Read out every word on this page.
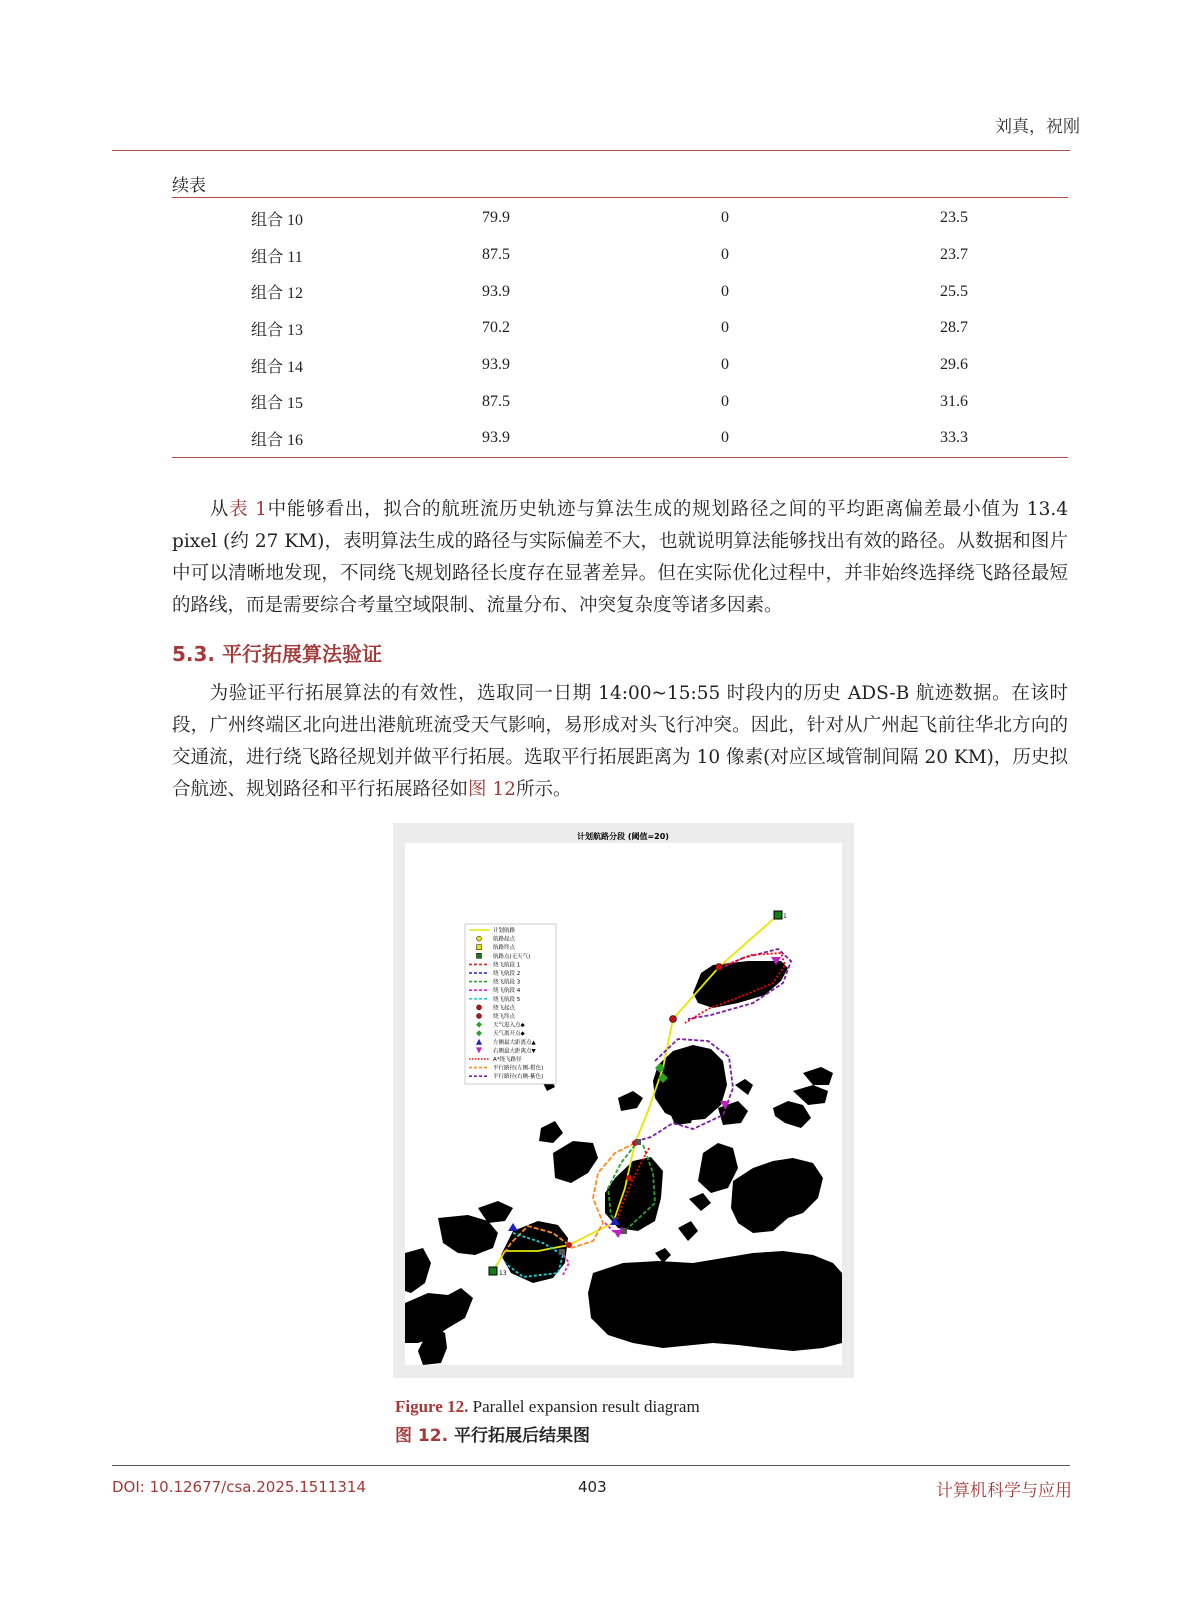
刘真，祝刚
续表
组合 10	79.9	0	23.5
组合 11	87.5	0	23.7
组合 12	93.9	0	25.5
组合 13	70.2	0	28.7
组合 14	93.9	0	29.6
组合 15	87.5	0	31.6
组合 16	93.9	0	33.3
  从表 1中能够看出，拟合的航班流历史轨迹与算法生成的规划路径之间的平均距离偏差最小值为 13.4 pixel (约 27 KM)，表明算法生成的路径与实际偏差不大，也就说明算法能够找出有效的路径。从数据和图片中可以清晰地发现，不同绕飞规划路径长度存在显著差异。但在实际优化过程中，并非始终选择绕飞路径最短的路线，而是需要综合考量空域限制、流量分布、冲突复杂度等诸多因素。
5.3. 平行拓展算法验证
  为验证平行拓展算法的有效性，选取同一日期 14:00~15:55 时段内的历史 ADS-B 航迹数据。在该时段，广州终端区北向进出港航班流受天气影响，易形成对头飞行冲突。因此，针对从广州起飞前往华北方向的交通流，进行绕飞路径规划并做平行拓展。选取平行拓展距离为 10 像素(对应区域管制间隔 20 KM)，历史拟合航迹、规划路径和平行拓展路径如图 12所示。
计划航路分段 (阈值=20)
1
13
计划航路
航路起点
航路终点
航路点(无天气)
绕飞航段 1
绕飞航段 2
绕飞航段 3
绕飞航段 4
绕飞航段 5
绕飞起点
绕飞终点
天气进入点◆
天气离开点◆
左侧最大距离点▲
右侧最大距离点▼
A*绕飞路径
平行路径(左侧-橙色)
平行路径(右侧-紫色)
Figure 12. Parallel expansion result diagram
图 12. 平行拓展后结果图
DOI: 10.12677/csa.2025.1511314	403	计算机科学与应用
